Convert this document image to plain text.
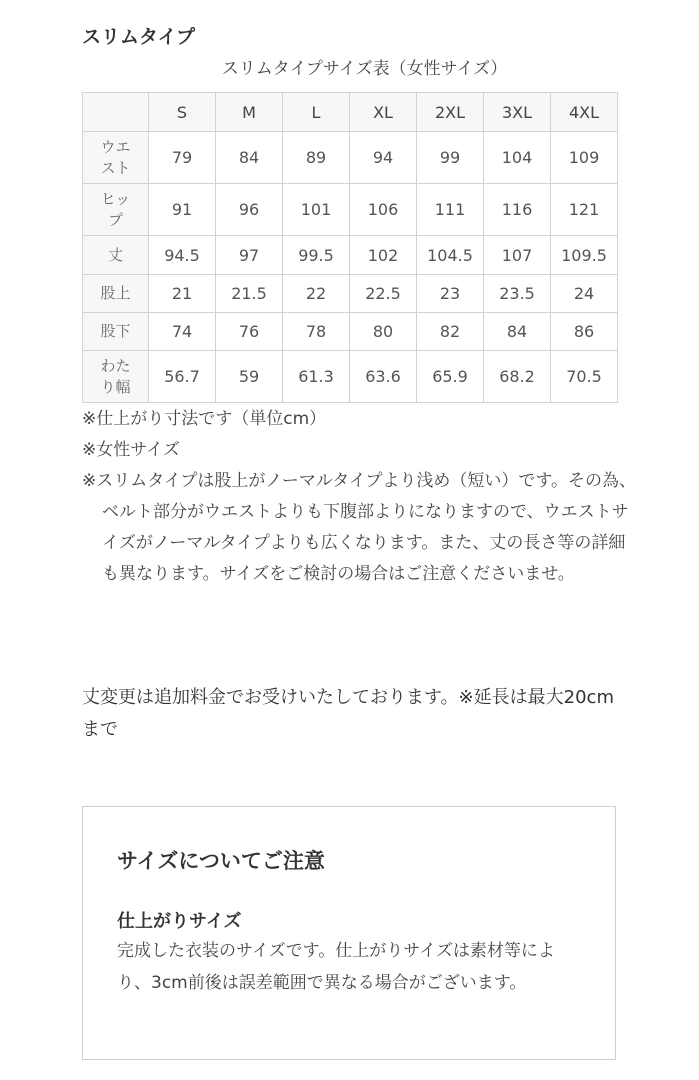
スリムタイプ
スリムタイプサイズ表（女性サイズ）
	S	M	L	XL	2XL	3XL	4XL
ウエ
スト	79	84	89	94	99	104	109
ヒッ
プ	91	96	101	106	111	116	121
丈	94.5	97	99.5	102	104.5	107	109.5
股上	21	21.5	22	22.5	23	23.5	24
股下	74	76	78	80	82	84	86
わた
り幅	56.7	59	61.3	63.6	65.9	68.2	70.5
※仕上がり寸法です（単位cm）
※女性サイズ
※スリムタイプは股上がノーマルタイプより浅め（短い）です。その為、ベルト部分がウエストよりも下腹部よりになりますので、ウエストサイズがノーマルタイプよりも広くなります。また、丈の長さ等の詳細も異なります。サイズをご検討の場合はご注意くださいませ。
丈変更は追加料金でお受けいたしております。※延長は最大20cmまで
サイズについてご注意
仕上がりサイズ
完成した衣装のサイズです。仕上がりサイズは素材等により、3cm前後は誤差範囲で異なる場合がございます。
